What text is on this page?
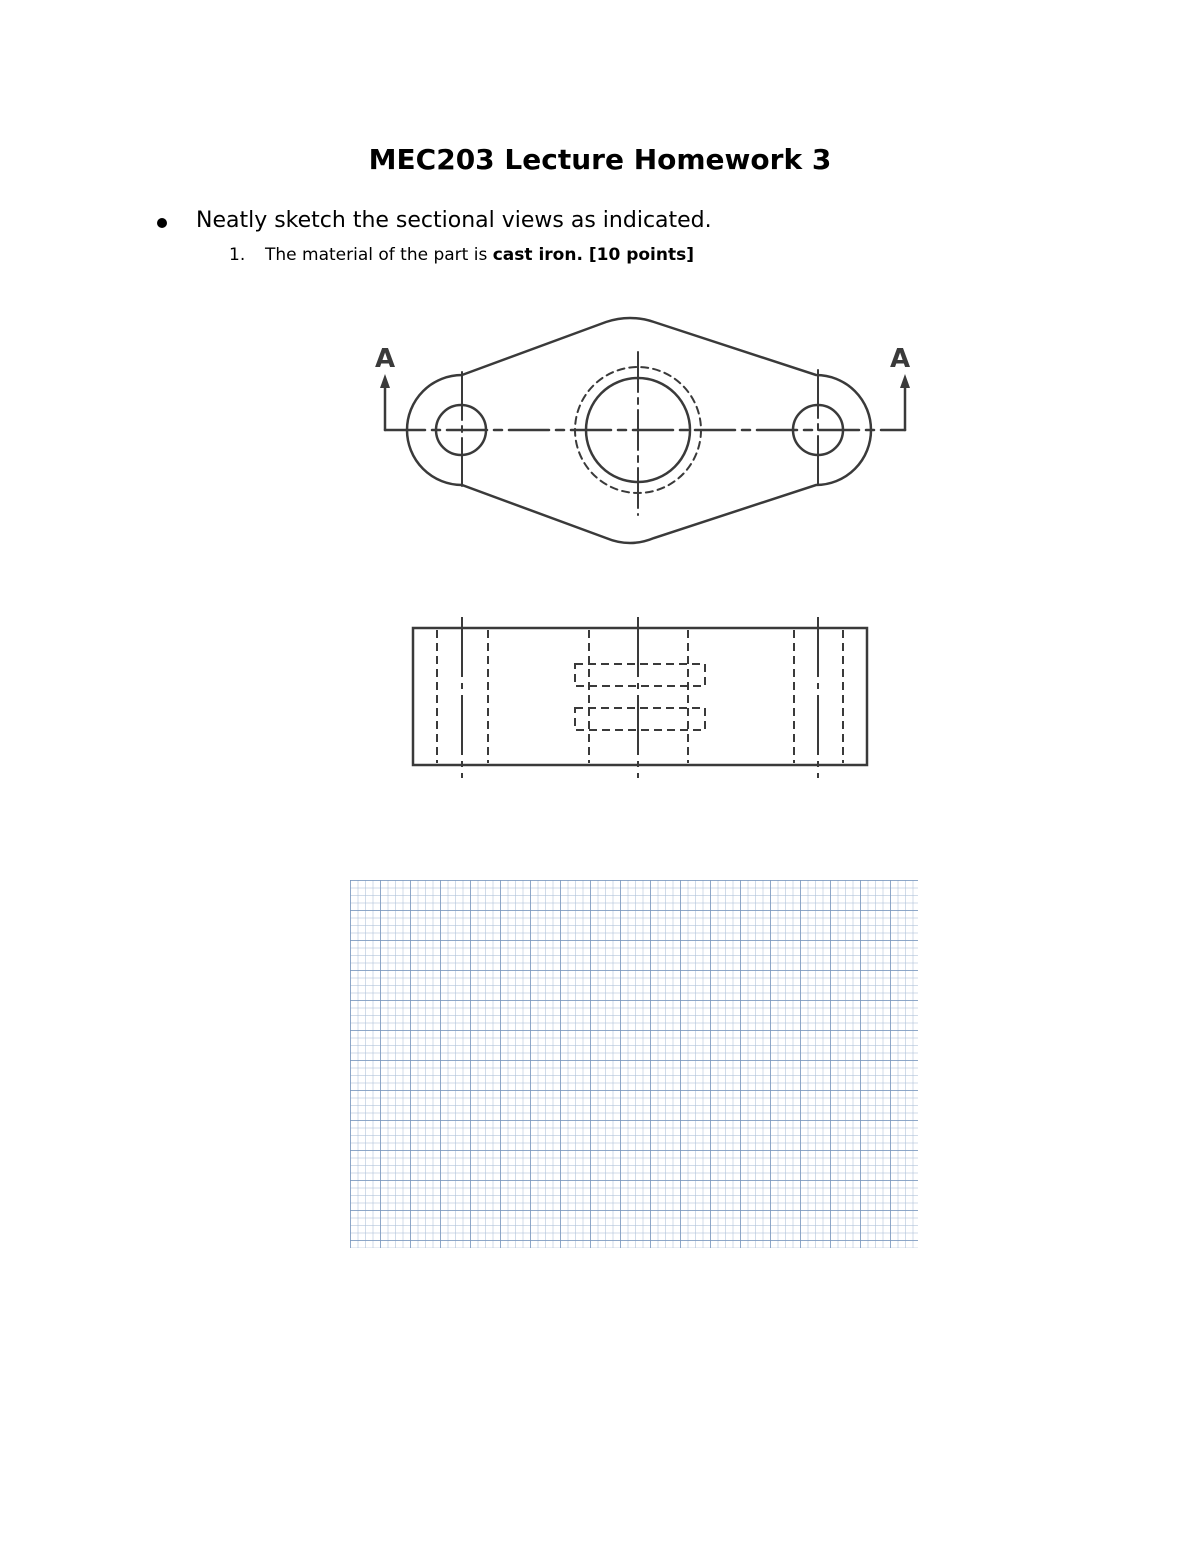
MEC203 Lecture Homework 3
Neatly sketch the sectional views as indicated.
1. The material of the part is cast iron. [10 points]
A	A
